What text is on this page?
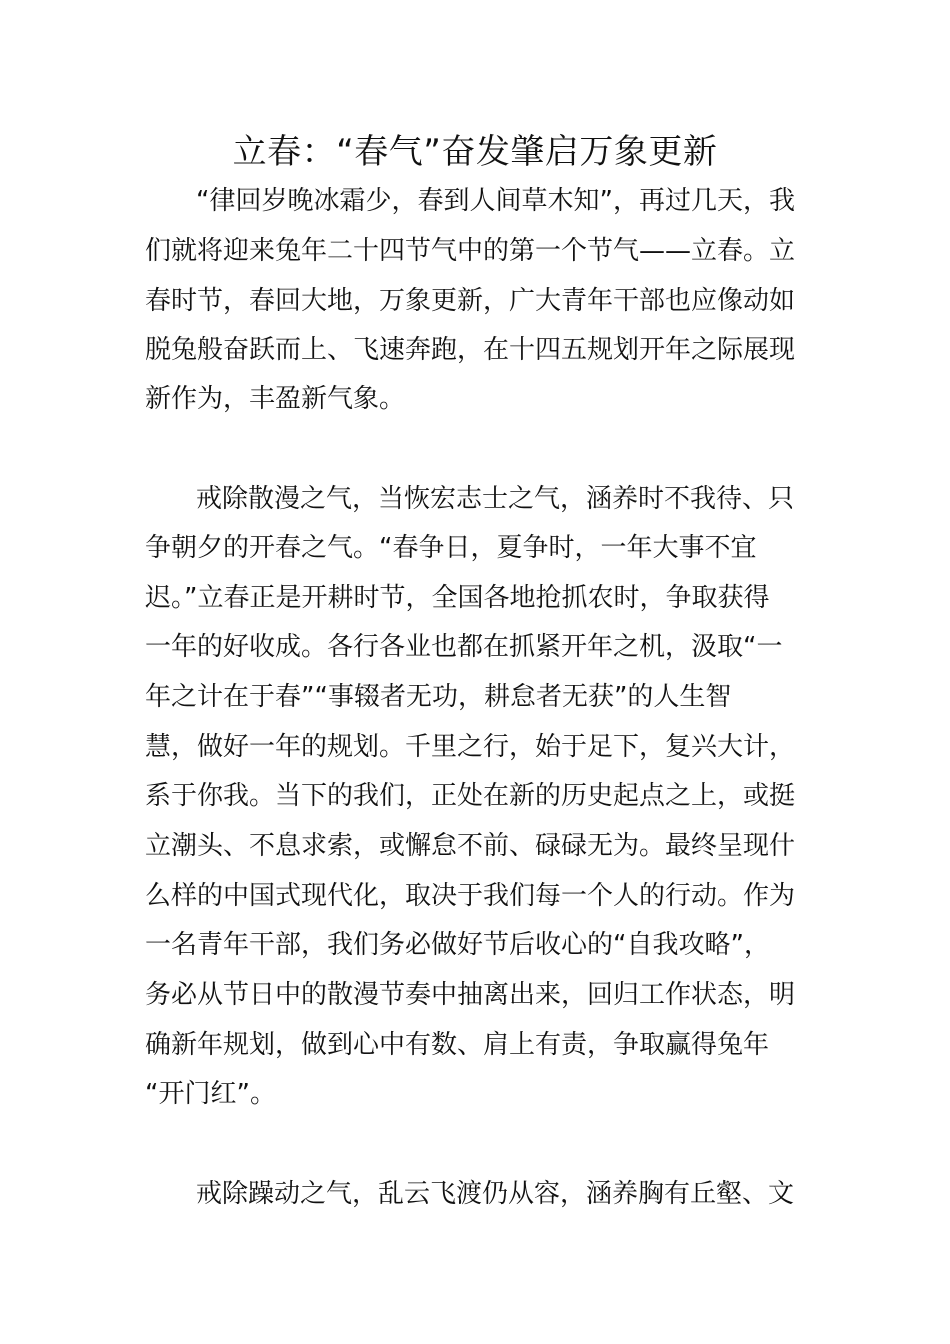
立春：“春气”奋发肇启万象更新

“律回岁晚冰霜少，春到人间草木知”，再过几天，我

们就将迎来兔年二十四节气中的第一个节气——立春。立

春时节，春回大地，万象更新，广大青年干部也应像动如

脱兔般奋跃而上、飞速奔跑，在十四五规划开年之际展现

新作为，丰盈新气象。

戒除散漫之气，当恢宏志士之气，涵养时不我待、只

争朝夕的开春之气。“春争日，夏争时，一年大事不宜

迟。”立春正是开耕时节，全国各地抢抓农时，争取获得

一年的好收成。各行各业也都在抓紧开年之机，汲取“一

年之计在于春”“事辍者无功，耕怠者无获”的人生智

慧，做好一年的规划。千里之行，始于足下，复兴大计，

系于你我。当下的我们，正处在新的历史起点之上，或挺

立潮头、不息求索，或懈怠不前、碌碌无为。最终呈现什

么样的中国式现代化，取决于我们每一个人的行动。作为

一名青年干部，我们务必做好节后收心的“自我攻略”，

务必从节日中的散漫节奏中抽离出来，回归工作状态，明

确新年规划，做到心中有数、肩上有责，争取赢得兔年

“开门红”。

戒除躁动之气，乱云飞渡仍从容，涵养胸有丘壑、文
